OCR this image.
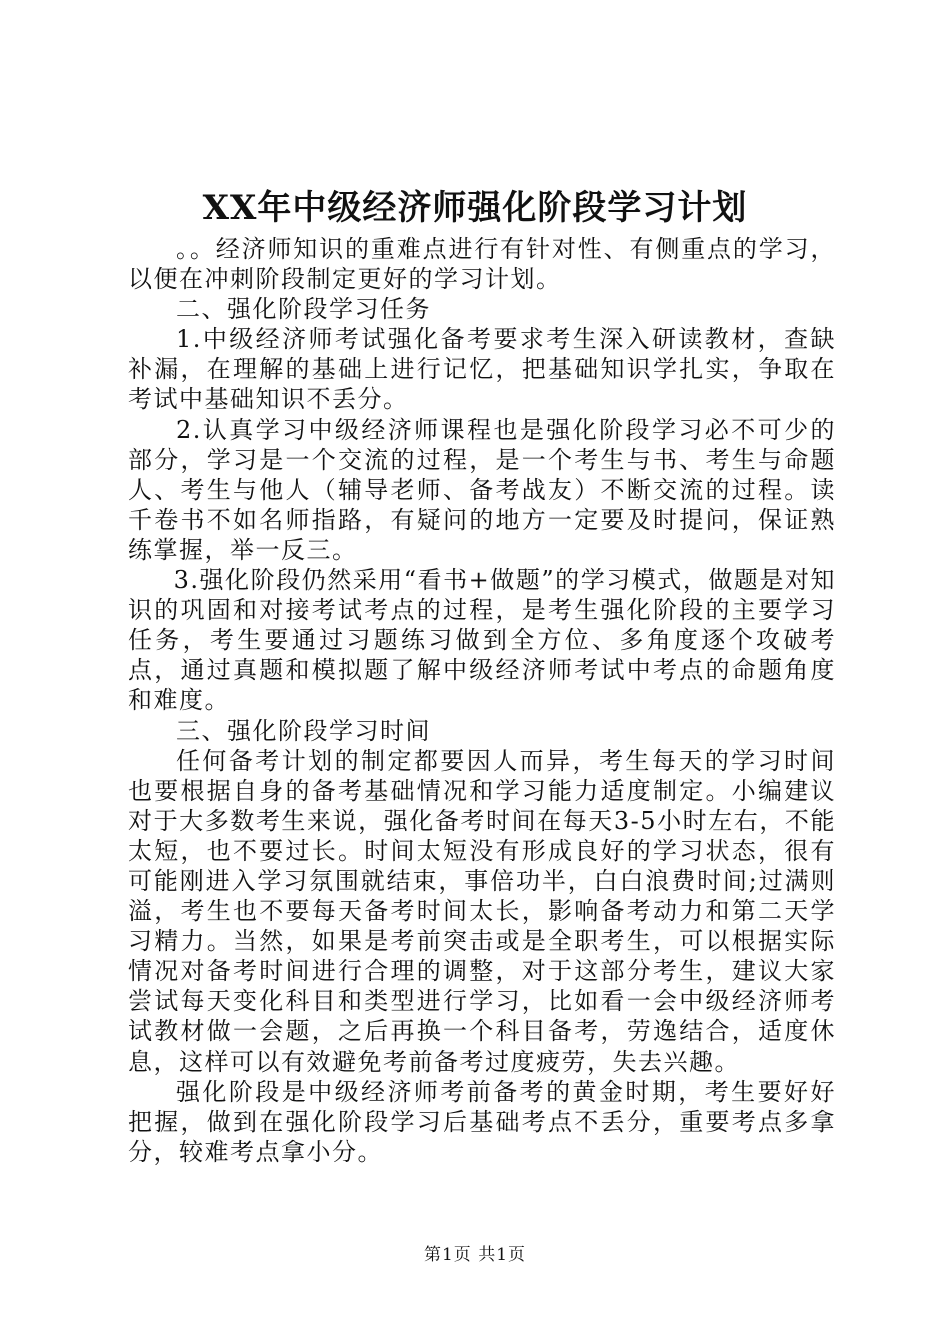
XX年中级经济师强化阶段学习计划

。。经济师知识的重难点进行有针对性、有侧重点的学习，以便在冲刺阶段制定更好的学习计划。

二、强化阶段学习任务

1.中级经济师考试强化备考要求考生深入研读教材，查缺补漏，在理解的基础上进行记忆，把基础知识学扎实，争取在考试中基础知识不丢分。

2.认真学习中级经济师课程也是强化阶段学习必不可少的部分，学习是一个交流的过程，是一个考生与书、考生与命题人、考生与他人（辅导老师、备考战友）不断交流的过程。读千卷书不如名师指路，有疑问的地方一定要及时提问，保证熟练掌握，举一反三。

3.强化阶段仍然采用“看书+做题”的学习模式，做题是对知识的巩固和对接考试考点的过程，是考生强化阶段的主要学习任务，考生要通过习题练习做到全方位、多角度逐个攻破考点，通过真题和模拟题了解中级经济师考试中考点的命题角度和难度。

三、强化阶段学习时间

任何备考计划的制定都要因人而异，考生每天的学习时间也要根据自身的备考基础情况和学习能力适度制定。小编建议对于大多数考生来说，强化备考时间在每天3-5小时左右，不能太短，也不要过长。时间太短没有形成良好的学习状态，很有可能刚进入学习氛围就结束，事倍功半，白白浪费时间;过满则溢，考生也不要每天备考时间太长，影响备考动力和第二天学习精力。当然，如果是考前突击或是全职考生，可以根据实际情况对备考时间进行合理的调整，对于这部分考生，建议大家尝试每天变化科目和类型进行学习，比如看一会中级经济师考试教材做一会题，之后再换一个科目备考，劳逸结合，适度休息，这样可以有效避免考前备考过度疲劳，失去兴趣。

强化阶段是中级经济师考前备考的黄金时期，考生要好好把握，做到在强化阶段学习后基础考点不丢分，重要考点多拿分，较难考点拿小分。

第1页 共1页
